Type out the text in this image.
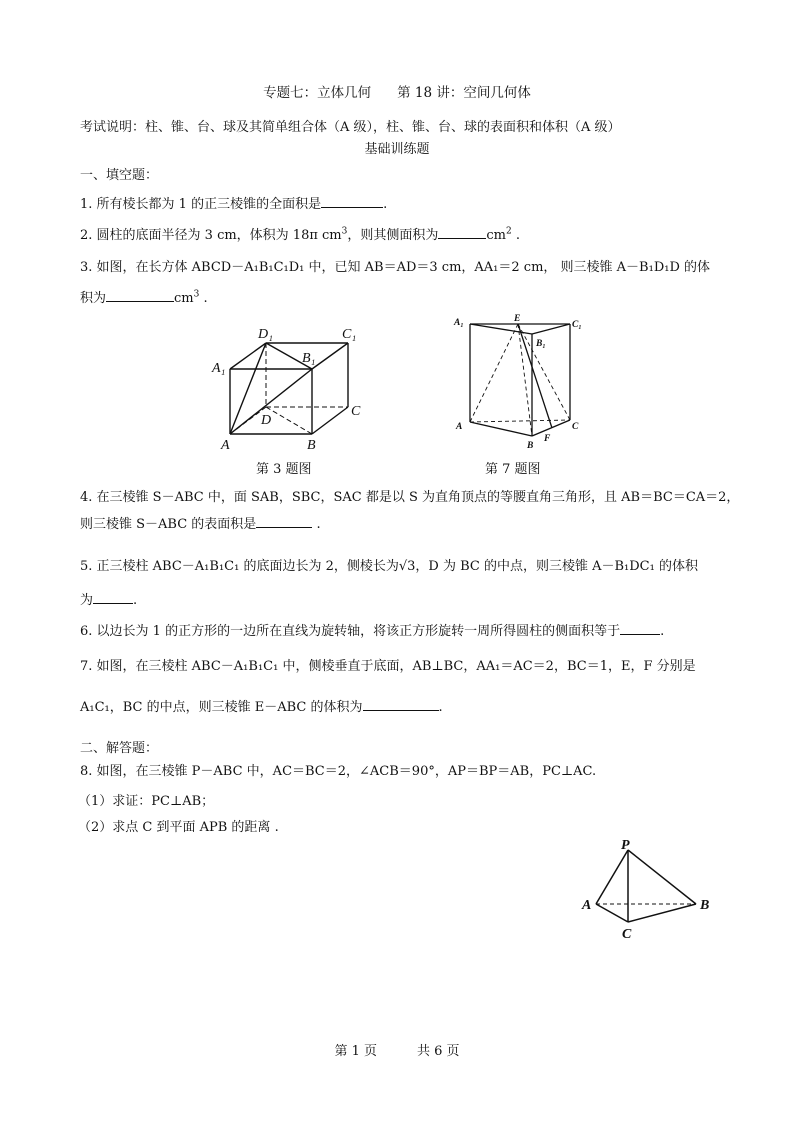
专题七：立体几何 第 18 讲：空间几何体
考试说明：柱、锥、台、球及其简单组合体（A 级），柱、锥、台、球的表面积和体积（A 级）
基础训练题
一、填空题：
1. 所有棱长都为 1 的正三棱锥的全面积是	.
2. 圆柱的底面半径为 3 cm，体积为 18π $cm^3$，则其侧面积为	$cm^2$ .
3. 如图，在长方体 ABCD－A₁B₁C₁D₁ 中，已知 AB＝AD＝3 cm，AA₁＝2 cm， 则三棱锥 A－B₁D₁D 的体
积为	$cm^3$ .
D₁	C₁
A₁
B₁
C
D
A	B
第 3 题图
A₁	E
C₁
B₁
A	C
F
B
第 7 题图
4. 在三棱锥 S－ABC 中，面 SAB，SBC，SAC 都是以 S 为直角顶点的等腰直角三角形，且 AB＝BC＝CA＝2，
则三棱锥 S－ABC 的表面积是	.
5. 正三棱柱 ABC－A₁B₁C₁ 的底面边长为 2，侧棱长为√3，D 为 BC 的中点，则三棱锥 A－B₁DC₁ 的体积
为	.
6. 以边长为 1 的正方形的一边所在直线为旋转轴，将该正方形旋转一周所得圆柱的侧面积等于	.
7. 如图，在三棱柱 ABC－A₁B₁C₁ 中，侧棱垂直于底面，AB⊥BC，AA₁＝AC＝2，BC＝1，E，F 分别是
A₁C₁，BC 的中点，则三棱锥 E－ABC 的体积为	.
二、解答题：
8. 如图，在三棱锥 P－ABC 中，AC＝BC＝2，∠ACB＝90°，AP＝BP＝AB，PC⊥AC.
（1）求证：PC⊥AB；
（2）求点 C 到平面 APB 的距离 .
P
A	B
C
第 1 页	共 6 页
